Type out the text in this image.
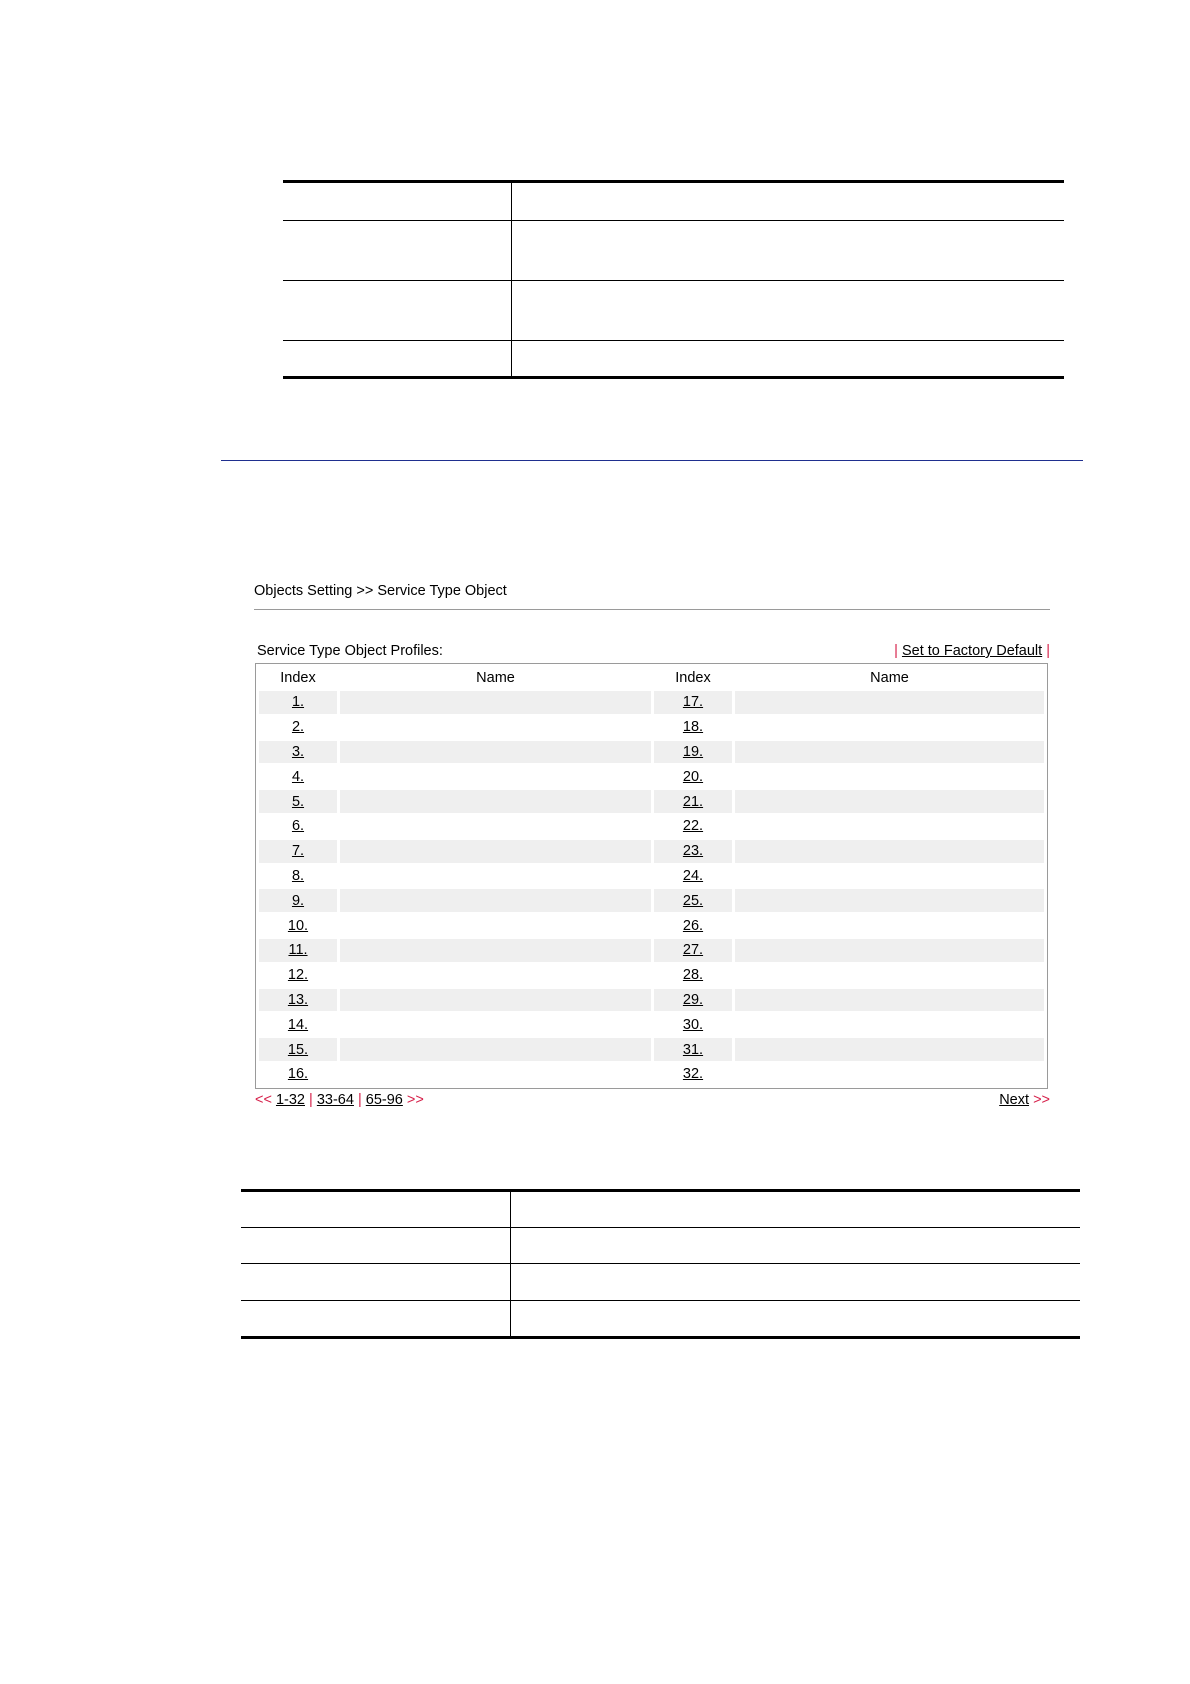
Objects Setting >> Service Type Object
Service Type Object Profiles:	| Set to Factory Default |
Index	Name	Index	Name
1.		17.	
2.		18.	
3.		19.	
4.		20.	
5.		21.	
6.		22.	
7.		23.	
8.		24.	
9.		25.	
10.		26.	
11.		27.	
12.		28.	
13.		29.	
14.		30.	
15.		31.	
16.		32.	
<< 1-32 | 33-64 | 65-96 >>	Next >>
